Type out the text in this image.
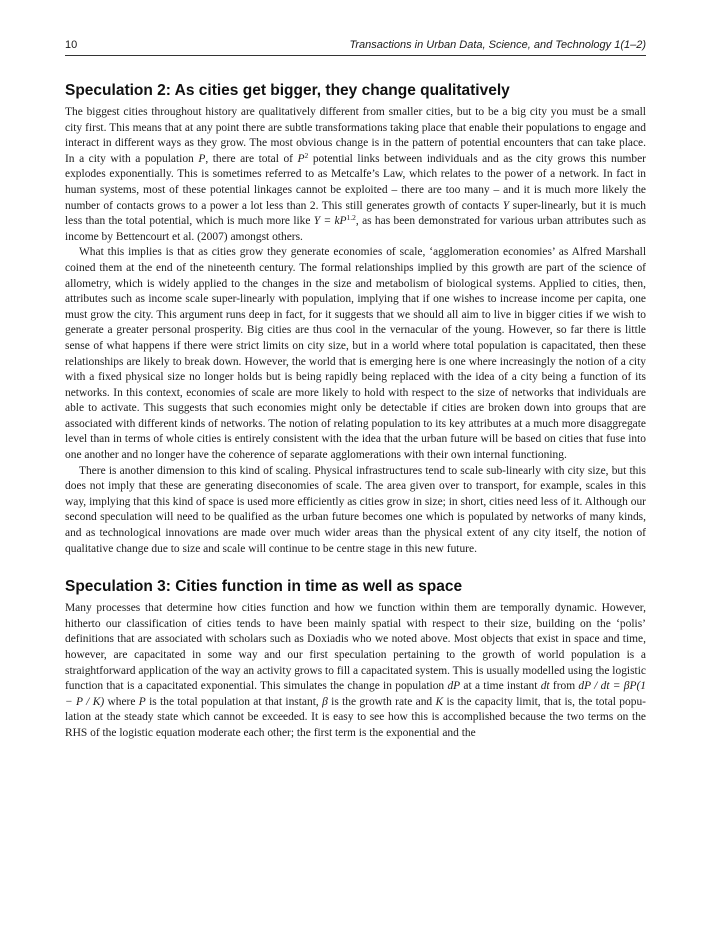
10	Transactions in Urban Data, Science, and Technology 1(1–2)
Speculation 2: As cities get bigger, they change qualitatively

The biggest cities throughout history are qualitatively different from smaller cities, but to be a big city you must be a small city first. This means that at any point there are subtle transformations taking place that enable their populations to engage and interact in different ways as they grow. The most obvious change is in the pattern of potential encounters that can take place. In a city with a population P, there are total of $P^2$ potential links between individuals and as the city grows this number explodes exponentially. This is sometimes referred to as Metcalfe’s Law, which relates to the power of a network. In fact in human systems, most of these potential linkages cannot be exploited – there are too many – and it is much more likely the number of contacts grows to a power a lot less than 2. This still generates growth of contacts Y super-linearly, but it is much less than the total potential, which is much more like $Y = kP^{1.2}$, as has been demonstrated for various urban attributes such as income by Bettencourt et al. (2007) amongst others.

What this implies is that as cities grow they generate economies of scale, ‘agglomeration economies’ as Alfred Marshall coined them at the end of the nineteenth century. The formal relationships implied by this growth are part of the science of allometry, which is widely applied to the changes in the size and metabolism of biological systems. Applied to cities, then, attributes such as income scale super-linearly with population, implying that if one wishes to increase income per capita, one must grow the city. This argument runs deep in fact, for it suggests that we should all aim to live in bigger cities if we wish to generate a greater personal prosperity. Big cities are thus cool in the vernacular of the young. However, so far there is little sense of what happens if there were strict limits on city size, but in a world where total population is capacitated, then these relationships are likely to break down. However, the world that is emerging here is one where increasingly the notion of a city with a fixed physical size no longer holds but is being rapidly being replaced with the idea of a city being a function of its networks. In this context, economies of scale are more likely to hold with respect to the size of networks that individuals are able to activate. This suggests that such economies might only be detectable if cities are broken down into groups that are associated with different kinds of networks. The notion of relating population to its key attributes at a much more disaggregate level than in terms of whole cities is entirely consistent with the idea that the urban future will be based on cities that fuse into one another and no longer have the coherence of separate agglomerations with their own internal functioning.

There is another dimension to this kind of scaling. Physical infrastructures tend to scale sub-linearly with city size, but this does not imply that these are generating diseconomies of scale. The area given over to transport, for example, scales in this way, implying that this kind of space is used more efficiently as cities grow in size; in short, cities need less of it. Although our second speculation will need to be qualified as the urban future becomes one which is populated by networks of many kinds, and as technological innovations are made over much wider areas than the physical extent of any city itself, the notion of qualitative change due to size and scale will continue to be centre stage in this new future.

Speculation 3: Cities function in time as well as space

Many processes that determine how cities function and how we function within them are temporally dynamic. However, hitherto our classification of cities tends to have been mainly spatial with respect to their size, building on the ‘polis’ definitions that are associated with scholars such as Doxiadis who we noted above. Most objects that exist in space and time, however, are capacitated in some way and our first speculation pertaining to the growth of world population is a straightforward application of the way an activity grows to fill a capacitated system. This is usually modelled using the logistic function that is a capacitated exponential. This simulates the change in population dP at a time instant dt from dP / dt = βP(1 − P / K) where P is the total population at that instant, β is the growth rate and K is the capacity limit, that is, the total population at the steady state which cannot be exceeded. It is easy to see how this is accomplished because the two terms on the RHS of the logistic equation moderate each other; the first term is the exponential and the
